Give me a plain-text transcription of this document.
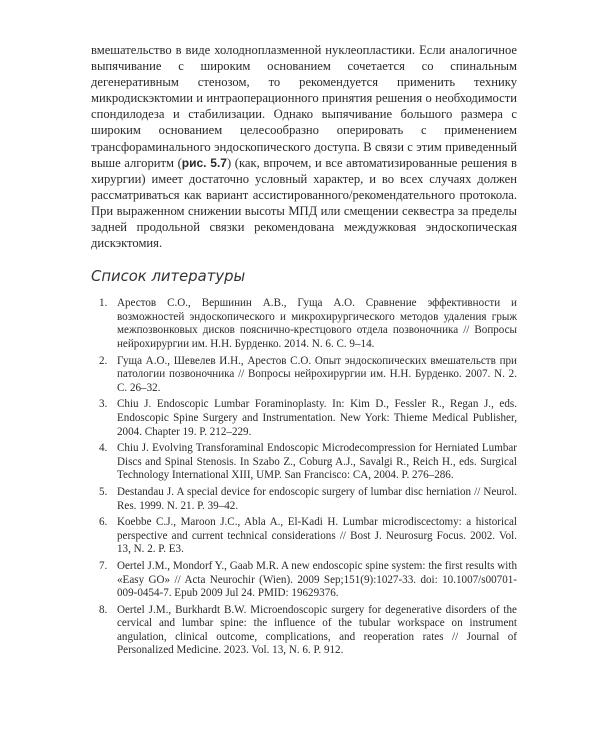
вмешательство в виде холодноплазменной нуклеопластики. Если аналогичное выпячивание с широким основанием сочетается со спинальным дегенеративным стенозом, то рекомендуется применить технику микродискэктомии и интраоперационного принятия решения о необходимости спондилодеза и стабилизации. Однако выпячивание большого размера с широким основанием целесообразно оперировать с применением трансфораминального эндоскопического доступа. В связи с этим приведенный выше алгоритм (рис. 5.7) (как, впрочем, и все автоматизированные решения в хирургии) имеет достаточно условный характер, и во всех случаях должен рассматриваться как вариант ассистированного/рекомендательного протокола. При выраженном снижении высоты МПД или смещении секвестра за пределы задней продольной связки рекомендована междужковая эндоскопическая дискэктомия.

Список литературы
1. Арестов С.О., Вершинин А.В., Гуща А.О. Сравнение эффективности и возможностей эндоскопического и микрохирургического методов удаления грыж межпозвонковых дисков пояснично-крестцового отдела позвоночника // Вопросы нейрохирургии им. Н.Н. Бурденко. 2014. N. 6. С. 9–14.
2. Гуща А.О., Шевелев И.Н., Арестов С.О. Опыт эндоскопических вмешательств при патологии позвоночника // Вопросы нейрохирургии им. Н.Н. Бурденко. 2007. N. 2. С. 26–32.
3. Chiu J. Endoscopic Lumbar Foraminoplasty. In: Kim D., Fessler R., Regan J., eds. Endoscopic Spine Surgery and Instrumentation. New York: Thieme Medical Publisher, 2004. Chapter 19. P. 212–229.
4. Chiu J. Evolving Transforaminal Endoscopic Microdecompression for Herniated Lumbar Discs and Spinal Stenosis. In Szabo Z., Coburg A.J., Savalgi R., Reich H., eds. Surgical Technology International XIII, UMP. San Francisco: CA, 2004. P. 276–286.
5. Destandau J. A special device for endoscopic surgery of lumbar disc herniation // Neurol. Res. 1999. N. 21. P. 39–42.
6. Koebbe C.J., Maroon J.C., Abla A., El-Kadi H. Lumbar microdiscectomy: a historical perspective and current technical considerations // Bost J. Neurosurg Focus. 2002. Vol. 13, N. 2. P. E3.
7. Oertel J.M., Mondorf Y., Gaab M.R. A new endoscopic spine system: the first results with «Easy GO» // Acta Neurochir (Wien). 2009 Sep;151(9):1027-33. doi: 10.1007/s00701-009-0454-7. Epub 2009 Jul 24. PMID: 19629376.
8. Oertel J.M., Burkhardt B.W. Microendoscopic surgery for degenerative disorders of the cervical and lumbar spine: the influence of the tubular workspace on instrument angulation, clinical outcome, complications, and reoperation rates // Journal of Personalized Medicine. 2023. Vol. 13, N. 6. P. 912.
